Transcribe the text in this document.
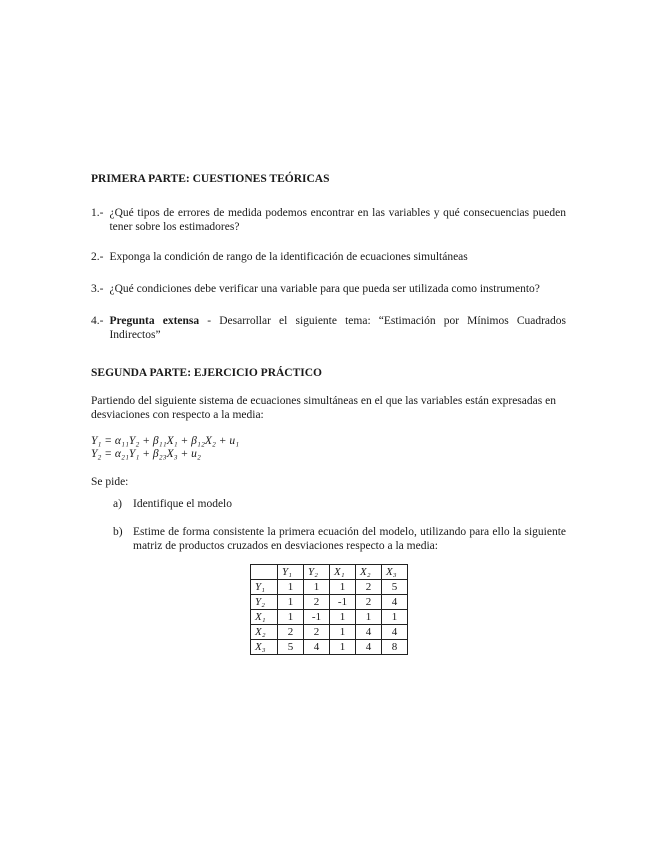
PRIMERA PARTE: CUESTIONES TEÓRICAS

1.- ¿Qué tipos de errores de medida podemos encontrar en las variables y qué consecuencias pueden tener sobre los estimadores?
2.- Exponga la condición de rango de la identificación de ecuaciones simultáneas
3.- ¿Qué condiciones debe verificar una variable para que pueda ser utilizada como instrumento?
4.- Pregunta extensa - Desarrollar el siguiente tema: “Estimación por Mínimos Cuadrados Indirectos”

SEGUNDA PARTE: EJERCICIO PRÁCTICO

Partiendo del siguiente sistema de ecuaciones simultáneas en el que las variables están expresadas en desviaciones con respecto a la media:

Y₁ = α₁₁Y₂ + β₁₁X₁ + β₁₂X₂ + u₁

Y₂ = α₂₁Y₁ + β₂₃X₃ + u₂

Se pide:

a) Identifique el modelo
b) Estime de forma consistente la primera ecuación del modelo, utilizando para ello la siguiente matriz de productos cruzados en desviaciones respecto a la media:
	Y₁	Y₂	X₁	X₂	X₃
Y₁	1	1	1	2	5
Y₂	1	2	-1	2	4
X₁	1	-1	1	1	1
X₂	2	2	1	4	4
X₃	5	4	1	4	8
